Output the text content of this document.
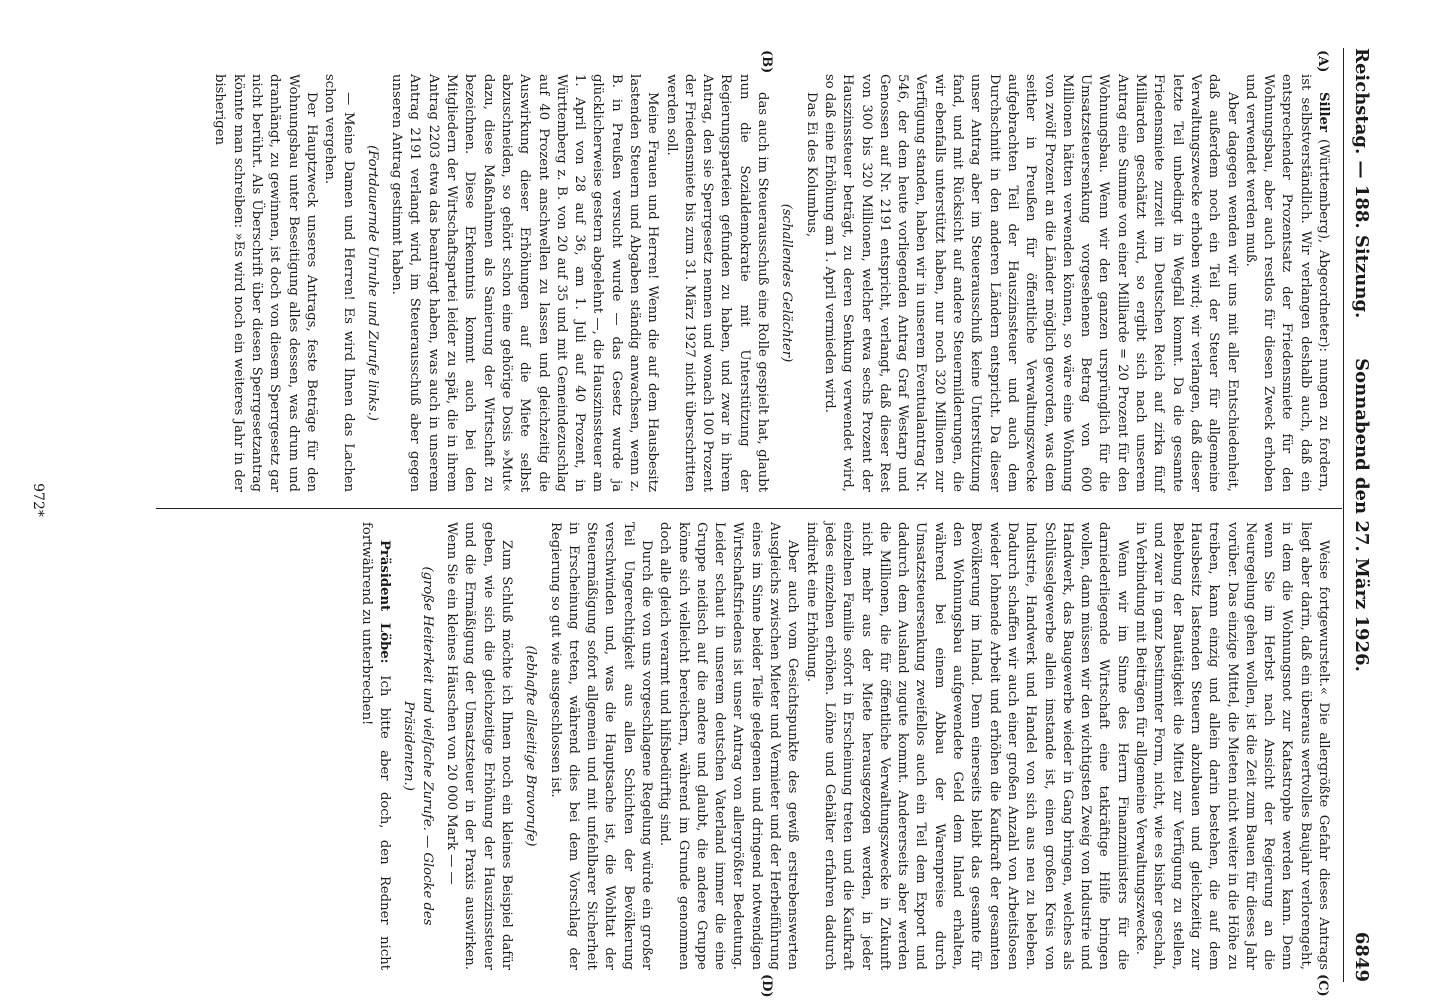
Reichstag. — 188. Sitzung.
Sonnabend den 27. März 1926.
6849
(A)
(B)
(C)
(D)

Siller (Württemberg), Abgeordneter): nungen zu fordern, ist selbstverständlich. Wir verlangen deshalb auch, daß ein entsprechender Prozentsatz der Friedensmiete für den Wohnungsbau, aber auch restlos für diesen Zweck erhoben und verwendet werden muß.

Aber dagegen wenden wir uns mit aller Entschiedenheit, daß außerdem noch ein Teil der Steuer für allgemeine Verwaltungszwecke erhoben wird; wir verlangen, daß dieser letzte Teil unbedingt in Wegfall kommt. Da die gesamte Friedensmiete zurzeit im Deutschen Reich auf zirka fünf Milliarden geschätzt wird, so ergibt sich nach unserem Antrag eine Summe von einer Milliarde = 20 Prozent für den Wohnungsbau. Wenn wir den ganzen ursprünglich für die Umsatzsteuersenkung vorgesehenen Betrag von 600 Millionen hätten verwenden können, so wäre eine Wohnung von zwölf Prozent an die Länder möglich geworden, was dem seither in Preußen für öffentliche Verwaltungszwecke aufgebrachten Teil der Hauszinssteuer und auch dem Durchschnitt in den anderen Ländern entspricht. Da dieser unser Antrag aber im Steuerausschuß keine Unterstützung fand, und mit Rücksicht auf andere Steuermilderungen, die wir ebenfalls unterstützt haben, nur noch 320 Millionen zur Verfügung standen, haben wir in unserem Eventualantrag Nr. 546, der dem heute vorliegenden Antrag Graf Westarp und Genossen auf Nr. 2191 entspricht, verlangt, daß dieser Rest von 300 bis 320 Millionen, welcher etwa sechs Prozent der Hauszinssteuer beträgt, zu deren Senkung verwendet wird, so daß eine Erhöhung am 1. April vermieden wird.

Das Ei des Kolumbus,

(schallendes Gelächter)

das auch im Steuerausschuß eine Rolle gespielt hat, glaubt nun die Sozialdemokratie mit Unterstützung der Regierungsparteien gefunden zu haben, und zwar in ihrem Antrag, den sie Sperrgesetz nennen und wonach 100 Prozent der Friedensmiete bis zum 31. März 1927 nicht überschritten werden soll.

Meine Frauen und Herren! Wenn die auf dem Hausbesitz lastenden Steuern und Abgaben ständig anwachsen, wenn z. B. in Preußen versucht wurde — das Gesetz wurde ja glücklicherweise gestern abgelehnt —, die Hauszinssteuer am 1. April von 28 auf 36, am 1. Juli auf 40 Prozent, in Württemberg z. B. von 20 auf 35 und mit Gemeindezuschlag auf 40 Prozent anschwellen zu lassen und gleichzeitig die Auswirkung dieser Erhöhungen auf die Miete selbst abzuschneiden, so gehört schon eine gehörige Dosis »Mut« dazu, diese Maßnahmen als Sanierung der Wirtschaft zu bezeichnen. Diese Erkenntnis kommt auch bei den Mitgliedern der Wirtschaftspartei leider zu spät, die in ihrem Antrag 2203 etwa das beantragt haben, was auch in unserem Antrag 2191 verlangt wird, im Steuerausschuß aber gegen unseren Antrag gestimmt haben.

(Fortdauernde Unruhe und Zurufe links.)

— Meine Damen und Herren! Es wird Ihnen das Lachen schon vergehen.

Der Hauptzweck unseres Antrags, feste Beträge für den Wohnungsbau unter Beseitigung alles dessen, was drum und dranhängt, zu gewinnen, ist doch von diesem Sperrgesetz gar nicht berührt. Als Überschrift über diesen Sperrgesetzantrag könnte man schreiben: »Es wird noch ein weiteres Jahr in der bisherigen

Weise fortgewurstelt.« Die allergrößte Gefahr dieses Antrags liegt aber darin, daß ein überaus wertvolles Baujahr verlorengeht, in dem die Wohnungsnot zur Katastrophe werden kann. Denn wenn Sie im Herbst nach Ansicht der Regierung an die Neuregelung gehen wollen, ist die Zeit zum Bauen für dieses Jahr vorüber. Das einzige Mittel, die Mieten nicht weiter in die Höhe zu treiben, kann einzig und allein darin bestehen, die auf dem Hausbesitz lastenden Steuern abzubauen und gleichzeitig zur Belebung der Bautätigkeit die Mittel zur Verfügung zu stellen, und zwar in ganz bestimmter Form, nicht, wie es bisher geschah, in Verbindung mit Beiträgen für allgemeine Verwaltungszwecke.

Wenn wir im Sinne des Herrn Finanzministers für die darniederliegende Wirtschaft eine tatkräftige Hilfe bringen wollen, dann müssen wir den wichtigsten Zweig von Industrie und Handwerk, das Baugewerbe wieder in Gang bringen, welches als Schlüsselgewerbe allein imstande ist, einen großen Kreis von Industrie, Handwerk und Handel von sich aus neu zu beleben. Dadurch schaffen wir auch einer großen Anzahl von Arbeitslosen wieder lohnende Arbeit und erhöhen die Kaufkraft der gesamten Bevölkerung im Inland. Denn einerseits bleibt das gesamte für den Wohnungsbau aufgewendete Geld dem Inland erhalten, während bei einem Abbau der Warenpreise durch Umsatzsteuersenkung zweifellos auch ein Teil dem Export und dadurch dem Ausland zugute kommt. Andererseits aber werden die Millionen, die für öffentliche Verwaltungszwecke in Zukunft nicht mehr aus der Miete herausgezogen werden, in jeder einzelnen Familie sofort in Erscheinung treten und die Kaufkraft jedes einzelnen erhöhen. Löhne und Gehälter erfahren dadurch indirekt eine Erhöhung.

Aber auch vom Gesichtspunkte des gewiß erstrebenswerten Ausgleichs zwischen Mieter und Vermieter und der Herbeiführung eines im Sinne beider Teile gelegenen und dringend notwendigen Wirtschaftsfriedens ist unser Antrag von allergrößter Bedeutung. Leider schaut in unserem deutschen Vaterland immer die eine Gruppe neidisch auf die andere und glaubt, die andere Gruppe könne sich vielleicht bereichern, während im Grunde genommen doch alle gleich verarmt und hilfsbedürftig sind.

Durch die von uns vorgeschlagene Regelung würde ein großer Teil Ungerechtigkeit aus allen Schichten der Bevölkerung verschwinden und, was die Hauptsache ist, die Wohltat der Steuermäßigung sofort allgemein und mit unfehlbarer Sicherheit in Erscheinung treten, während dies bei dem Vorschlag der Regierung so gut wie ausgeschlossen ist.

(lebhafte allseitige Bravorufe)

Zum Schluß möchte ich Ihnen noch ein kleines Beispiel dafür geben, wie sich die gleichzeitige Erhöhung der Hauszinssteuer und die Ermäßigung der Umsatzsteuer in der Praxis auswirken. Wenn Sie ein kleines Häuschen von 20 000 Mark — —

(große Heiterkeit und vielfache Zurufe. — Glocke des Präsidenten.)

Präsident Löbe: Ich bitte aber doch, den Redner nicht fortwährend zu unterbrechen!

972*
